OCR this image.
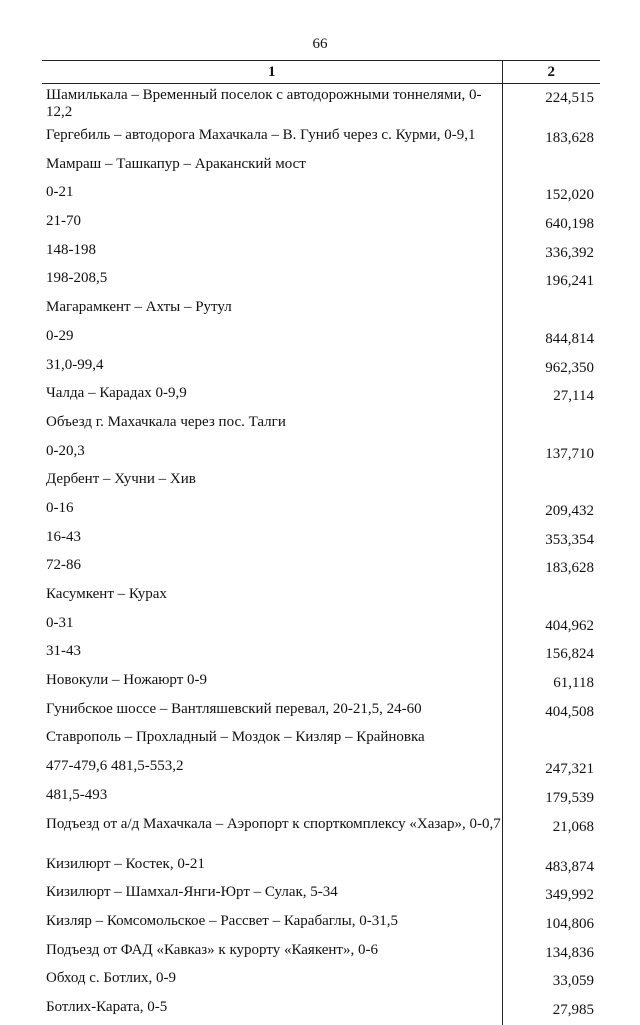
66
1	2
Шамилькала – Временный поселок с автодорожными тоннелями, 0-12,2	224,515
Гергебиль – автодорога Махачкала – В. Гуниб через с. Курми, 0-9,1	183,628
Мамраш – Ташкапур – Араканский мост	
0-21	152,020
21-70	640,198
148-198	336,392
198-208,5	196,241
Магарамкент – Ахты – Рутул	
0-29	844,814
31,0-99,4	962,350
Чалда – Карадах 0-9,9	27,114
Объезд г. Махачкала через пос. Талги	
0-20,3	137,710
Дербент – Хучни – Хив	
0-16	209,432
16-43	353,354
72-86	183,628
Касумкент – Курах	
0-31	404,962
31-43	156,824
Новокули – Ножаюрт 0-9	61,118
Гунибское шоссе – Вантляшевский перевал, 20-21,5, 24-60	404,508
Ставрополь – Прохладный – Моздок – Кизляр – Крайновка	
477-479,6 481,5-553,2	247,321
481,5-493	179,539
Подъезд от а/д Махачкала – Аэропорт к спорткомплексу «Хазар», 0-0,7	21,068
Кизилюрт – Костек, 0-21	483,874
Кизилюрт – Шамхал-Янги-Юрт – Сулак, 5-34	349,992
Кизляр – Комсомольское – Рассвет – Карабаглы, 0-31,5	104,806
Подъезд от ФАД «Кавказ» к курорту «Каякент», 0-6	134,836
Обход с. Ботлих, 0-9	33,059
Ботлих-Карата, 0-5	27,985
